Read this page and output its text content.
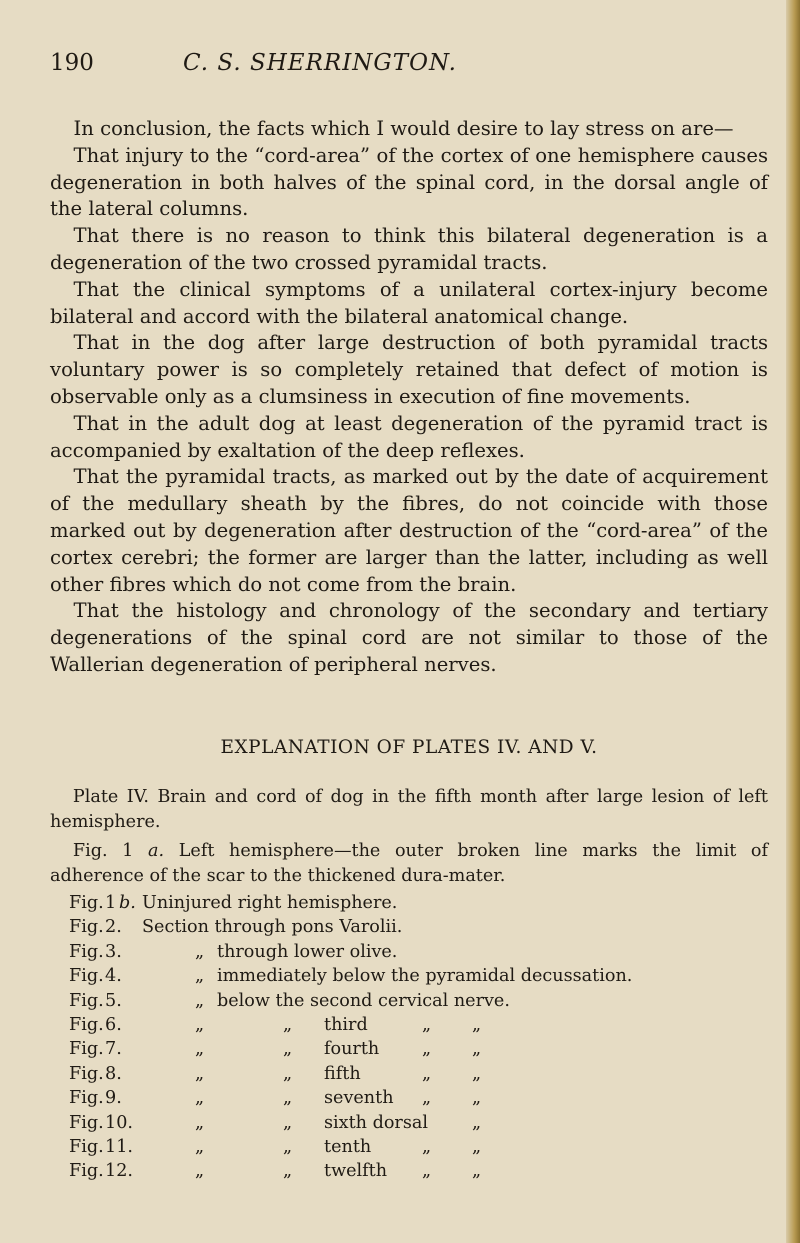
190	C. S. SHERRINGTON.

In conclusion, the facts which I would desire to lay stress on are—

That injury to the “cord-area” of the cortex of one hemisphere causes degeneration in both halves of the spinal cord, in the dorsal angle of the lateral columns.

That there is no reason to think this bilateral degeneration is a degeneration of the two crossed pyramidal tracts.

That the clinical symptoms of a unilateral cortex-injury become bilateral and accord with the bilateral anatomical change.

That in the dog after large destruction of both pyramidal tracts voluntary power is so completely retained that defect of motion is observable only as a clumsiness in execution of fine movements.

That in the adult dog at least degeneration of the pyramid tract is accompanied by exaltation of the deep reflexes.

That the pyramidal tracts, as marked out by the date of acquirement of the medullary sheath by the fibres, do not coincide with those marked out by degeneration after destruction of the “cord-area” of the cortex cerebri; the former are larger than the latter, including as well other fibres which do not come from the brain.

That the histology and chronology of the secondary and tertiary degenerations of the spinal cord are not similar to those of the Wallerian degeneration of peripheral nerves.

EXPLANATION OF PLATES IV. AND V.

Plate IV. Brain and cord of dog in the fifth month after large lesion of left hemisphere.

Fig. 1 a. Left hemisphere—the outer broken line marks the limit of adherence of the scar to the thickened dura-mater.

Fig. 1 b. Uninjured right hemisphere.
Fig. 2. Section through pons Varolii.
Fig. 3.	„ through lower olive.
Fig. 4.	„ immediately below the pyramidal decussation.
Fig. 5.	„ below the second cervical nerve.
Fig. 6.	„	„ third	„ „
Fig. 7.	„	„ fourth „ „
Fig. 8.	„	„ fifth	„ „
Fig. 9.	„	„ seventh „ „
Fig. 10.	„	„ sixth dorsal	„
Fig. 11.	„	„ tenth	„ „
Fig. 12.	„	„ twelfth „ „
